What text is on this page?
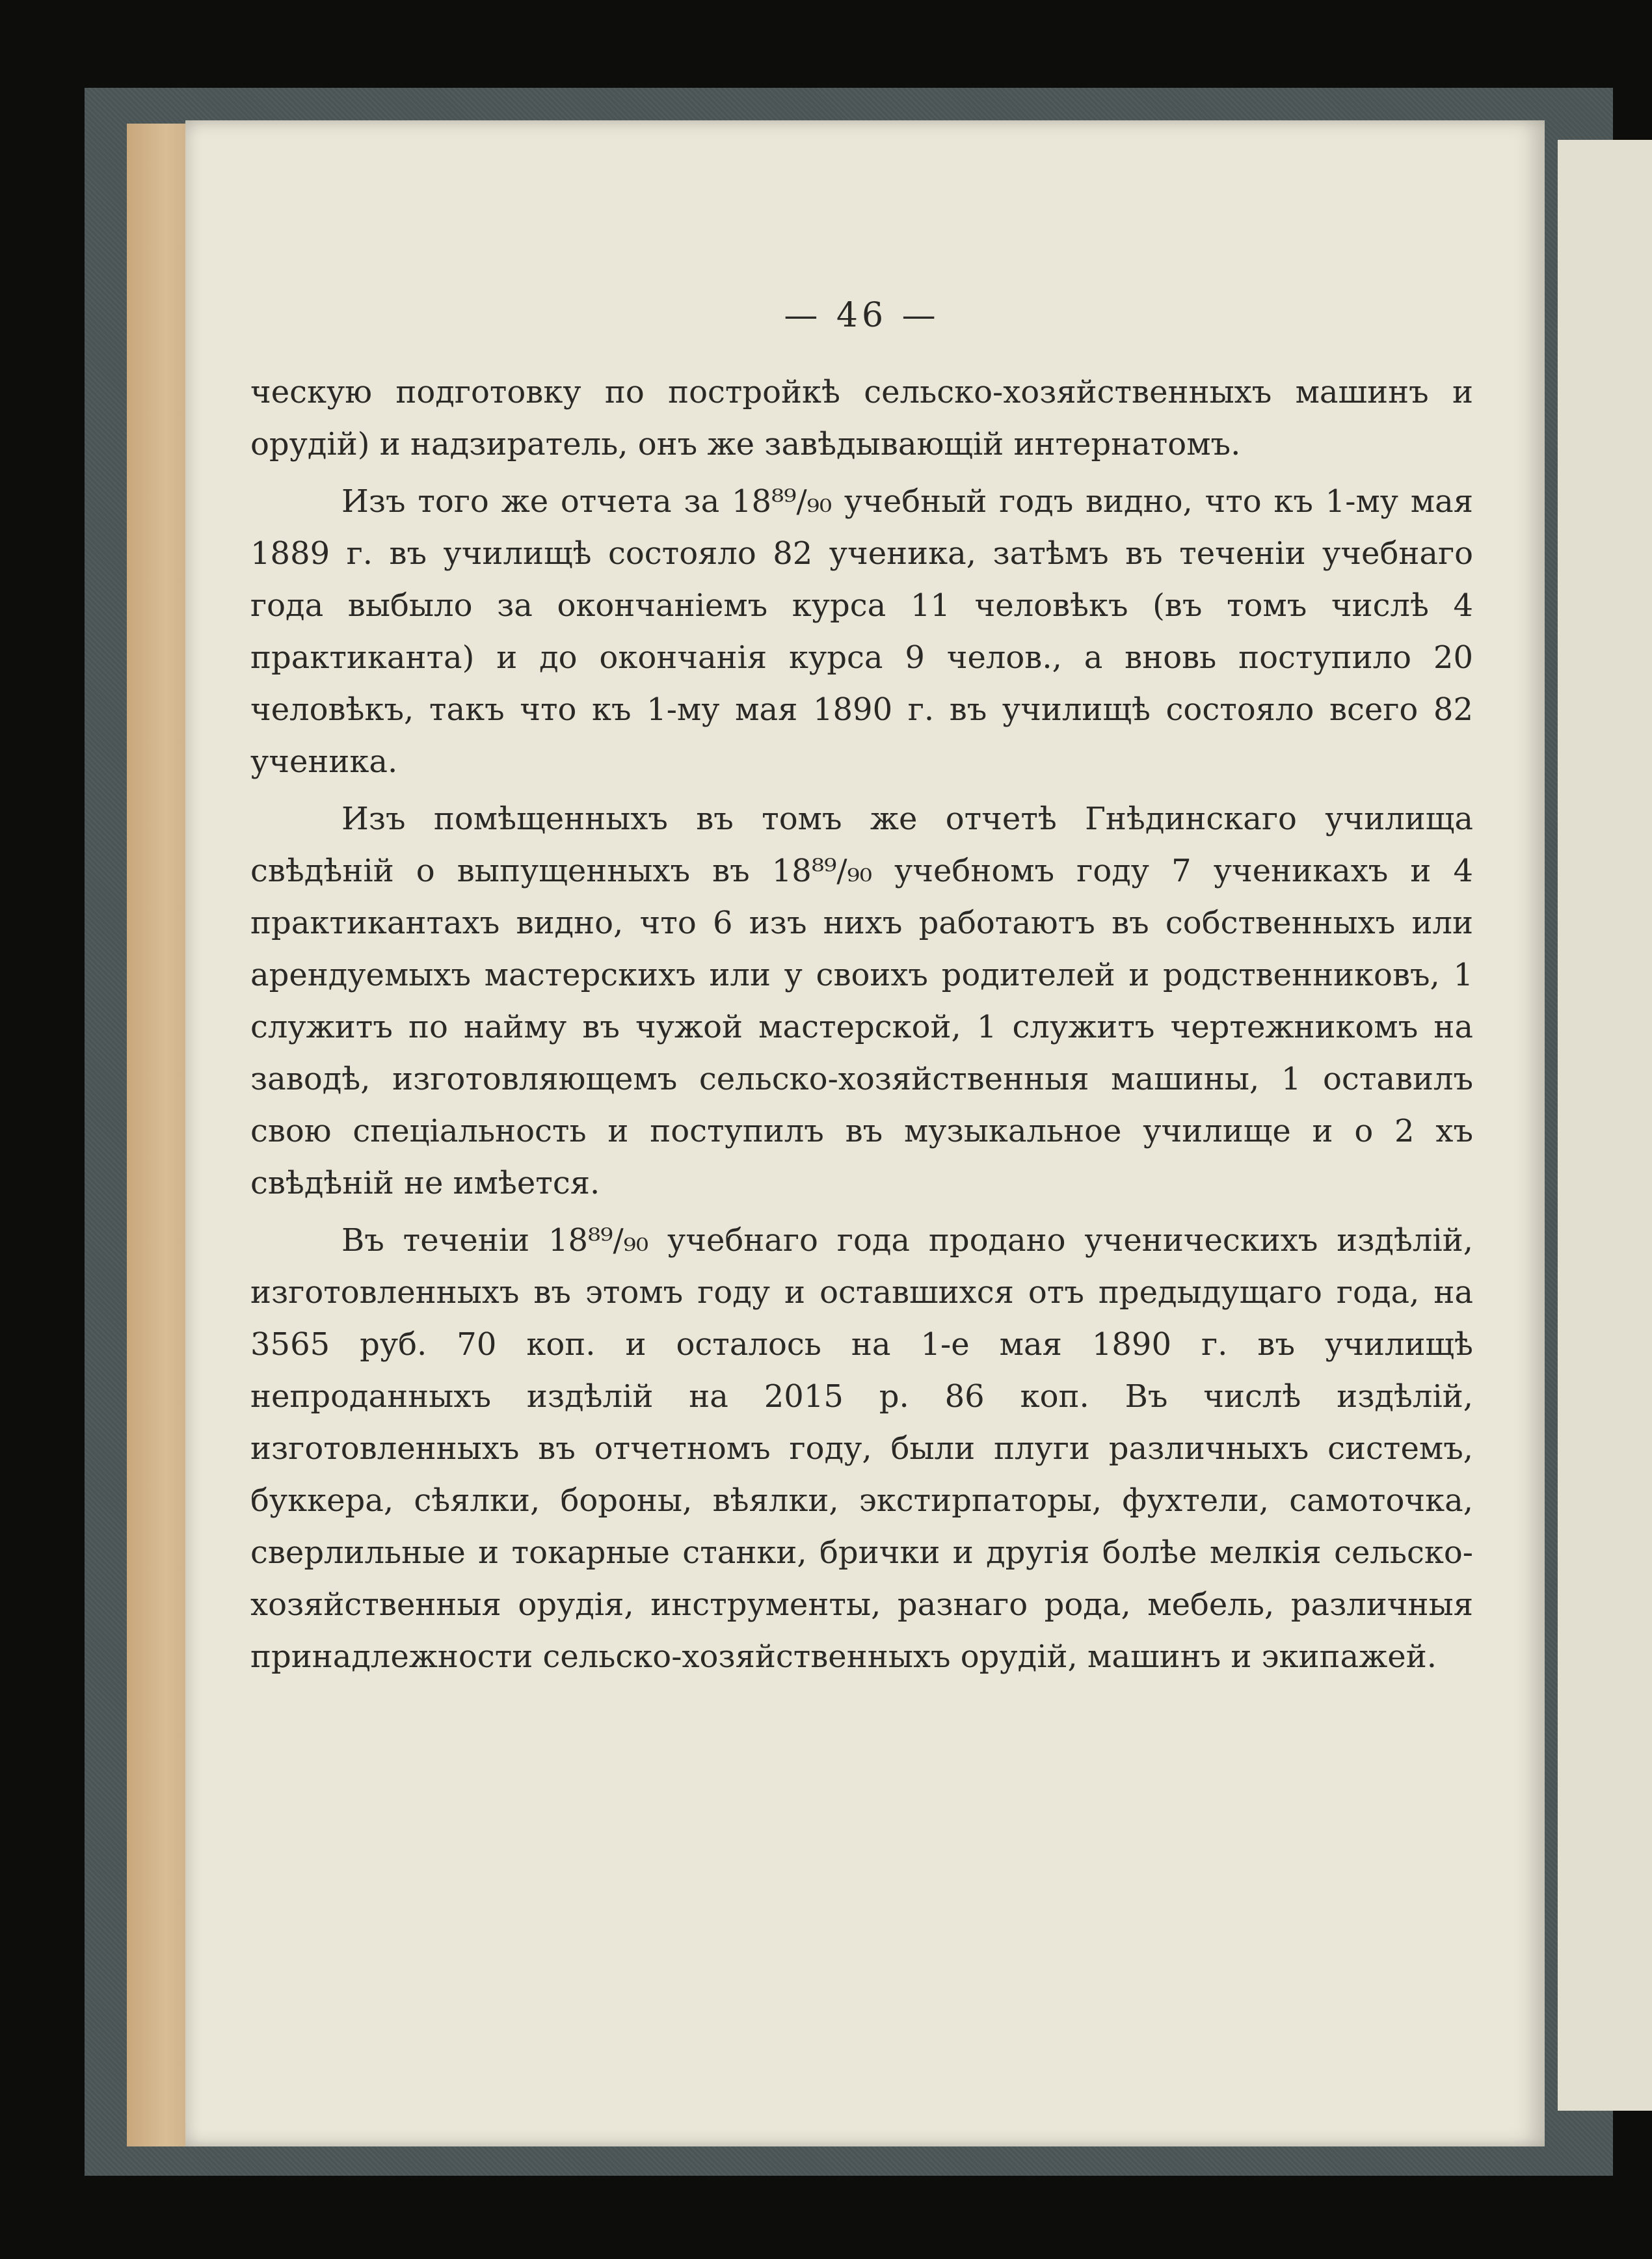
— 46 —

ческую подготовку по постройкѣ сельско-хозяйственныхъ машинъ и орудій) и надзиратель, онъ же завѣдывающій интернатомъ.

Изъ того же отчета за 18⁸⁹/₉₀ учебный годъ видно, что къ 1-му мая 1889 г. въ училищѣ состояло 82 ученика, затѣмъ въ теченіи учебнаго года выбыло за окончаніемъ курса 11 человѣкъ (въ томъ числѣ 4 практиканта) и до окончанія курса 9 челов., а вновь поступило 20 человѣкъ, такъ что къ 1-му мая 1890 г. въ училищѣ состояло всего 82 ученика.

Изъ помѣщенныхъ въ томъ же отчетѣ Гнѣдинскаго училища свѣдѣній о выпущенныхъ въ 18⁸⁹/₉₀ учебномъ году 7 ученикахъ и 4 практикантахъ видно, что 6 изъ нихъ работаютъ въ собственныхъ или арендуемыхъ мастерскихъ или у своихъ родителей и родственниковъ, 1 служитъ по найму въ чужой мастерской, 1 служитъ чертежникомъ на заводѣ, изготовляющемъ сельско-хозяйственныя машины, 1 оставилъ свою спеціальность и поступилъ въ музыкальное училище и о 2 хъ свѣдѣній не имѣется.

Въ теченіи 18⁸⁹/₉₀ учебнаго года продано ученическихъ издѣлій, изготовленныхъ въ этомъ году и оставшихся отъ предыдущаго года, на 3565 руб. 70 коп. и осталось на 1-е мая 1890 г. въ училищѣ непроданныхъ издѣлій на 2015 р. 86 коп. Въ числѣ издѣлій, изготовленныхъ въ отчетномъ году, были плуги различныхъ системъ, буккера, сѣялки, бороны, вѣялки, экстирпаторы, фухтели, самоточка, сверлильные и токарные станки, брички и другія болѣе мелкія сельско-хозяйственныя орудія, инструменты, разнаго рода, мебель, различныя принадлежности сельско-хозяйственныхъ орудій, машинъ и экипажей.
